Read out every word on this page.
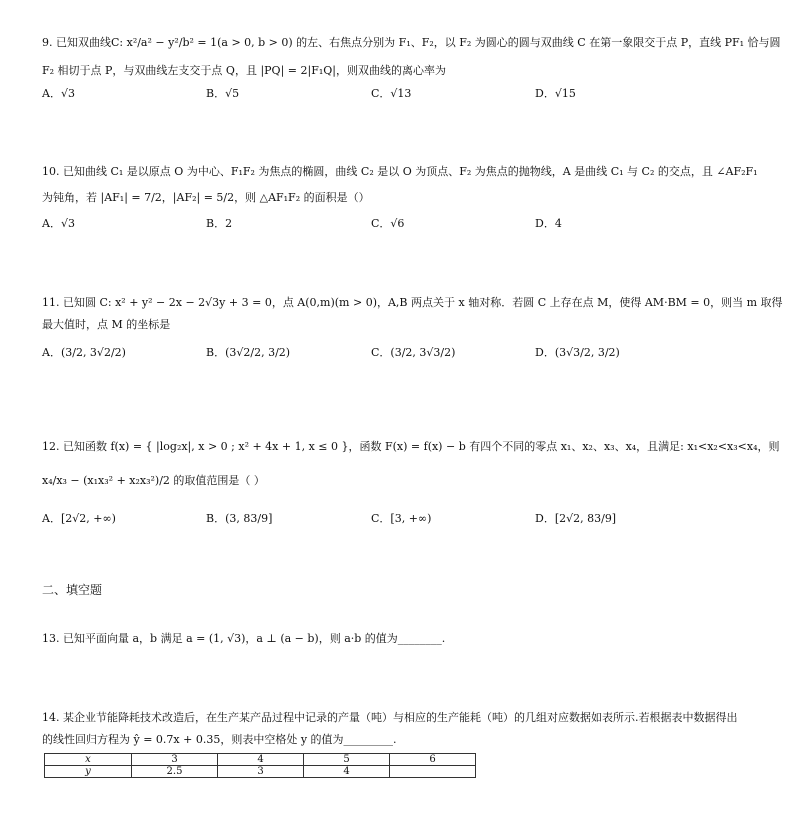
9. 已知双曲线C: x²/a² − y²/b² = 1(a > 0, b > 0) 的左、右焦点分别为 F₁、F₂，以 F₂ 为圆心的圆与双曲线 C 在第一象限交于点 P，直线 PF₁ 恰与圆
F₂ 相切于点 P，与双曲线左支交于点 Q，且 |PQ| = 2|F₁Q|，则双曲线的离心率为
A．√3	B．√5	C．√13	D．√15
10. 已知曲线 C₁ 是以原点 O 为中心、F₁F₂ 为焦点的椭圆，曲线 C₂ 是以 O 为顶点、F₂ 为焦点的抛物线，A 是曲线 C₁ 与 C₂ 的交点，且 ∠AF₂F₁
为钝角，若 |AF₁| = 7/2，|AF₂| = 5/2，则 △AF₁F₂ 的面积是（）
A．√3	B．2	C．√6	D．4
11. 已知圆 C: x² + y² − 2x − 2√3y + 3 = 0，点 A(0,m)(m > 0)，A,B 两点关于 x 轴对称．若圆 C 上存在点 M，使得 AM·BM = 0，则当 m 取得
最大值时，点 M 的坐标是
A．(3/2, 3√2/2)	B．(3√2/2, 3/2)	C．(3/2, 3√3/2)	D．(3√3/2, 3/2)
12. 已知函数 f(x) = { |log₂x|, x > 0 ; x² + 4x + 1, x ≤ 0 }，函数 F(x) = f(x) − b 有四个不同的零点 x₁、x₂、x₃、x₄，且满足: x₁<x₂<x₃<x₄，则
x₄/x₃ − (x₁x₃² + x₂x₃²)/2 的取值范围是（ ）
A．[2√2, +∞)	B．(3, 83/9]	C．[3, +∞)	D．[2√2, 83/9]
二、填空题
13. 已知平面向量 a，b 满足 a = (1, √3)，a ⊥ (a − b)，则 a·b 的值为________.
14. 某企业节能降耗技术改造后，在生产某产品过程中记录的产量（吨）与相应的生产能耗（吨）的几组对应数据如表所示.若根据表中数据得出
的线性回归方程为 ŷ = 0.7x + 0.35，则表中空格处 y 的值为_________.
x	3	4	5	6
y	2.5	3	4	
